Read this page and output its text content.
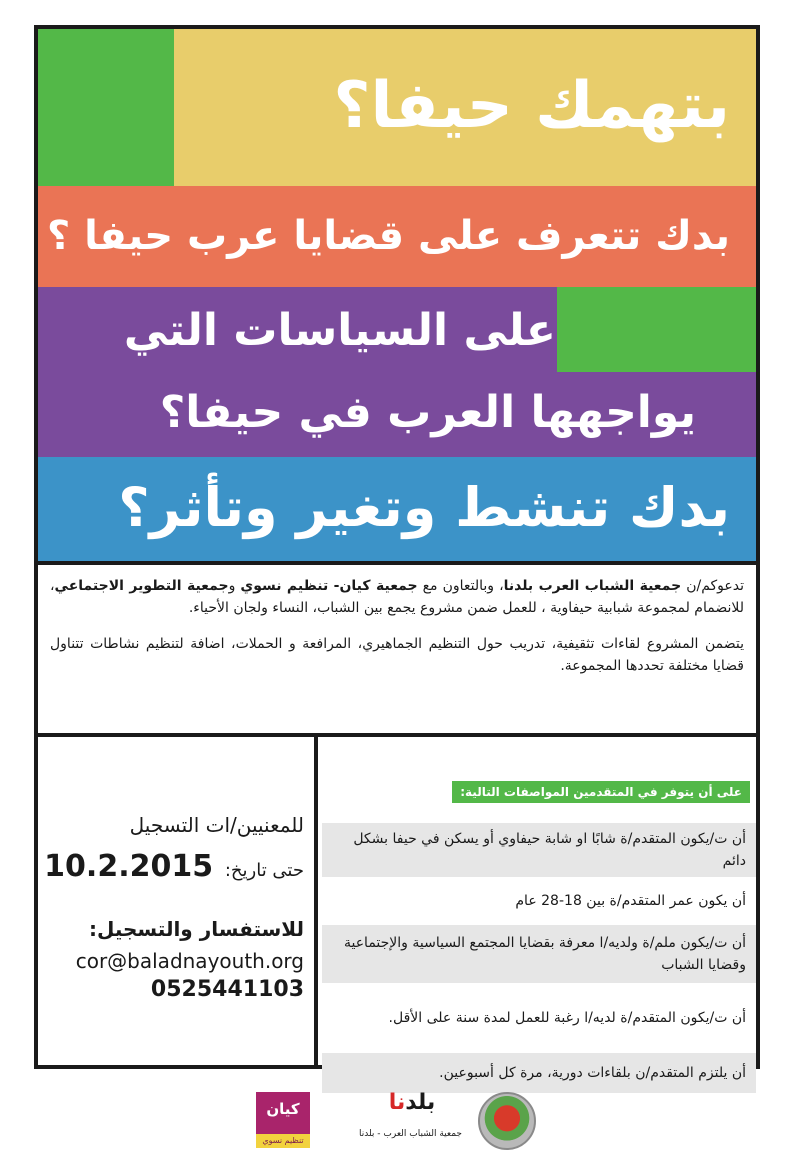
بتهمك حيفا؟
بدك تتعرف على قضايا عرب حيفا ؟
على السياسات التي
يواجهها العرب في حيفا؟
بدك تنشط وتغير وتأثر؟

تدعوكم/ن جمعية الشباب العرب بلدنا، وبالتعاون مع جمعية كيان- تنظيم نسوي وجمعية التطوير الاجتماعي، للانضمام لمجموعة شبابية حيفاوية ، للعمل ضمن مشروع يجمع بين الشباب، النساء ولجان الأحياء.

يتضمن المشروع لقاءات تثقيفية، تدريب حول التنظيم الجماهيري، المرافعة و الحملات، اضافة لتنظيم نشاطات تتناول قضايا مختلفة تحددها المجموعة.

للمعنيين/ات التسجيل
حتى تاريخ: 10.2.2015
للاستفسار والتسجيل:
cor@baladnayouth.org
0525441103
على أن يتوفر في المتقدمين المواصفات التالية:
أن ت/يكون المتقدم/ة شابًا او شابة حيفاوي أو يسكن في حيفا بشكل دائم
أن يكون عمر المتقدم/ة بين 18-28 عام
أن ت/يكون ملم/ة ولديه/ا معرفة بقضايا المجتمع السياسية والإجتماعية وقضايا الشباب
أن ت/يكون المتقدم/ة لديه/ا رغبة للعمل لمدة سنة على الأقل.
أن يلتزم المتقدم/ن بلقاءات دورية، مرة كل أسبوعين.
كيان
تنظيم نسوي
بلدنا
جمعية الشباب العرب - بلدنا
